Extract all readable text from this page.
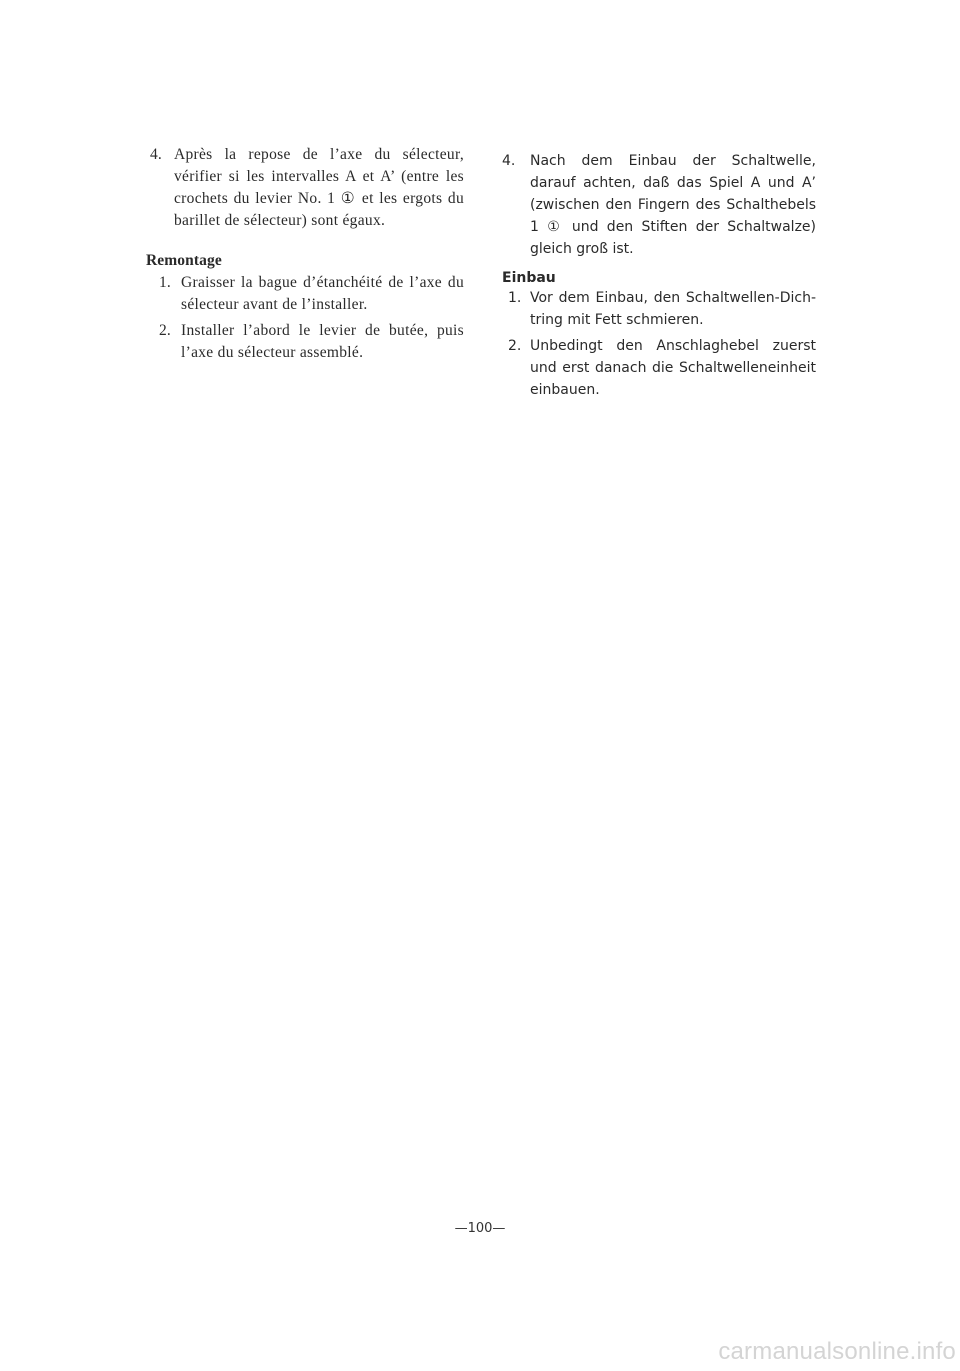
4. Après la repose de l’axe du sélecteur, vérifier si les intervalles A et A’ (entre les crochets du levier No. 1 ① et les ergots du barillet de sélecteur) sont égaux.
Remontage
1. Graisser la bague d’étanchéité de l’axe du sélecteur avant de l’installer.
2. Installer l’abord le levier de butée, puis l’axe du sélecteur assemblé.
4.	Nach dem Einbau der Schaltwelle, darauf achten, daß das Spiel A und A’ (zwischen den Fingern des Schalthebels 1 ① und den Stiften der Schaltwalze) gleich groß ist.
Einbau
1. Vor dem Einbau, den Schaltwellen-Dich-tring mit Fett schmieren.
2. Unbedingt den Anschlaghebel zuerst und erst danach die Schaltwelleneinheit einbauen.
—100—
carmanualsonline.info
